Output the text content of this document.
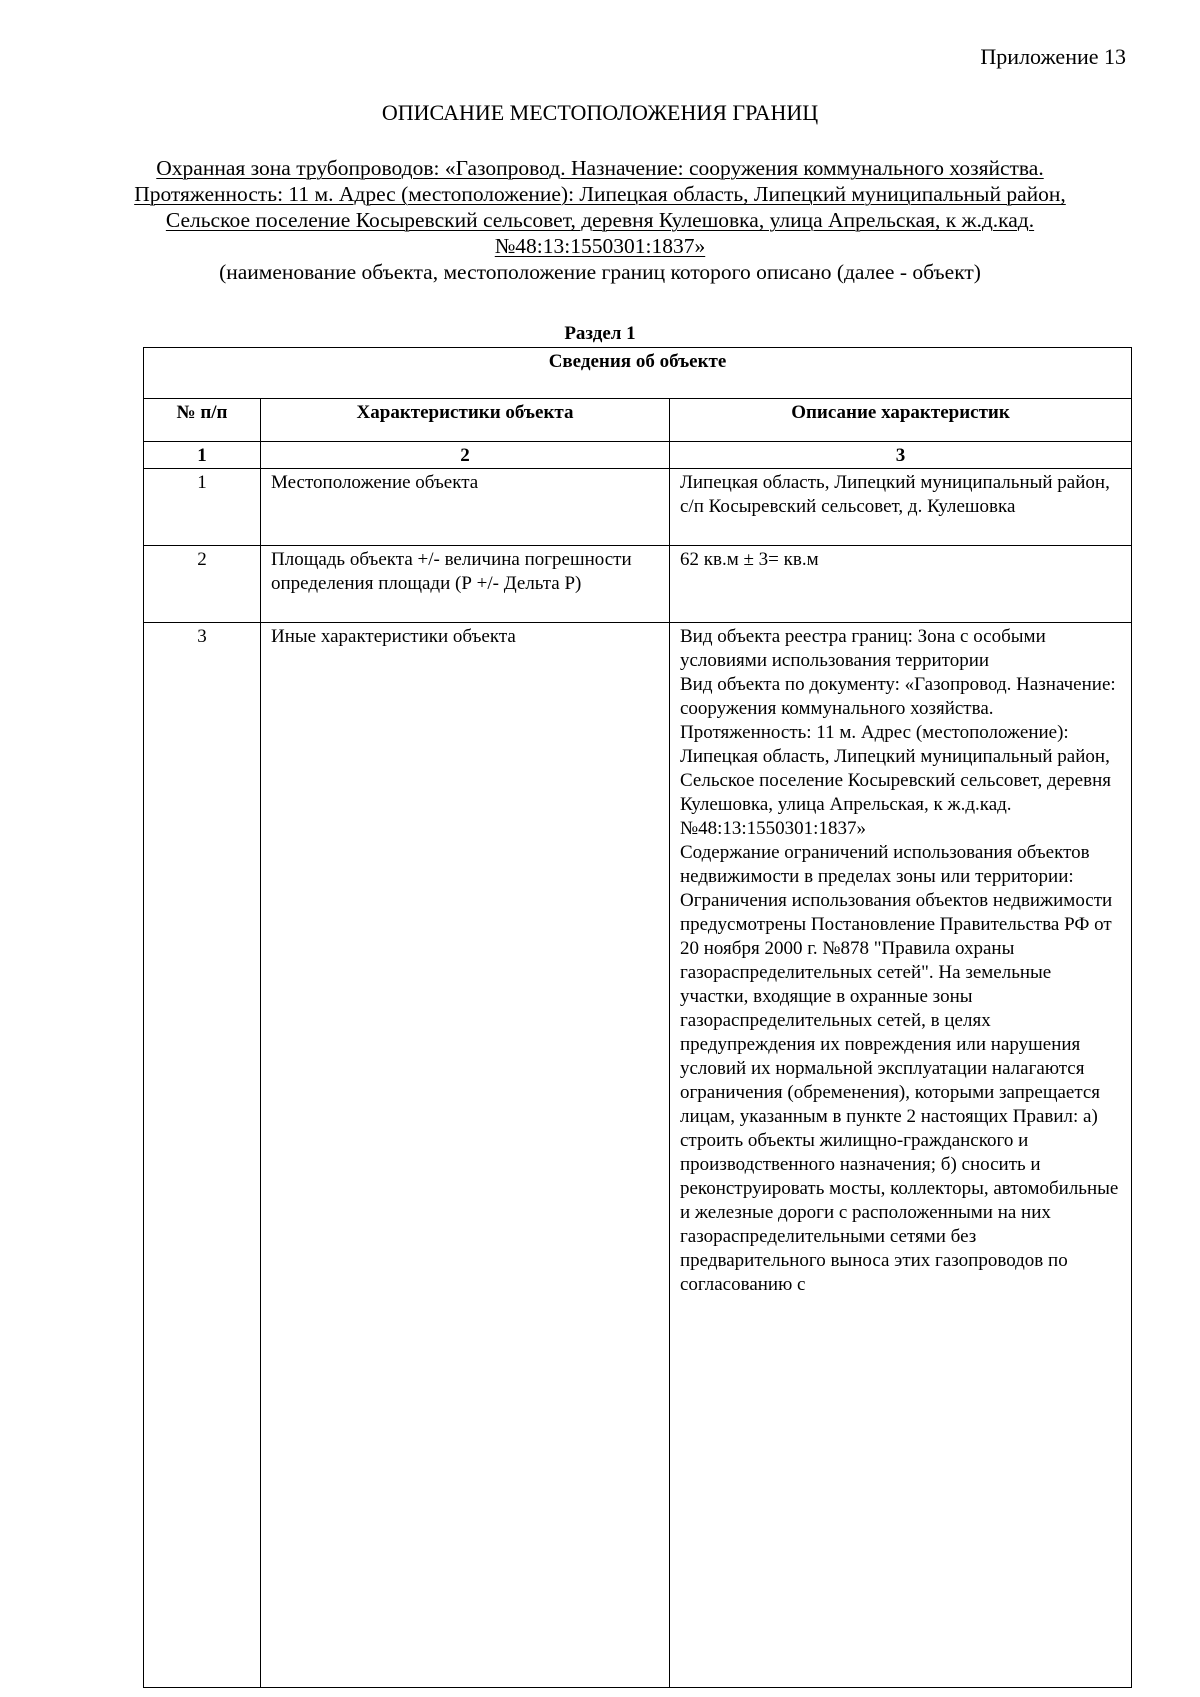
Приложение 13
ОПИСАНИЕ МЕСТОПОЛОЖЕНИЯ ГРАНИЦ
Охранная зона трубопроводов: «Газопровод. Назначение: сооружения коммунального хозяйства. Протяженность: 11 м. Адрес (местоположение): Липецкая область, Липецкий муниципальный район, Сельское поселение Косыревский сельсовет, деревня Кулешовка, улица Апрельская, к ж.д.кад.№48:13:1550301:1837»
(наименование объекта, местоположение границ которого описано (далее - объект)
Раздел 1
Сведения об объекте		
№ п/п	Характеристики объекта	Описание характеристик
1	2	3
1	Местоположение объекта	Липецкая область, Липецкий муниципальный район, с/п Косыревский сельсовет, д. Кулешовка
2	Площадь объекта +/- величина погрешности определения площади (Р +/- Дельта Р)	62 кв.м ± 3= кв.м
3	Иные характеристики объекта	Вид объекта реестра границ: Зона с особыми условиями использования территории
Вид объекта по документу: «Газопровод. Назначение: сооружения коммунального хозяйства. Протяженность: 11 м. Адрес (местоположение): Липецкая область, Липецкий муниципальный район, Сельское поселение Косыревский сельсовет, деревня Кулешовка, улица Апрельская, к ж.д.кад.№48:13:1550301:1837»
Содержание ограничений использования объектов недвижимости в пределах зоны или территории: Ограничения использования объектов недвижимости предусмотрены Постановление Правительства РФ от 20 ноября 2000 г. №878 "Правила охраны газораспределительных сетей". На земельные участки, входящие в охранные зоны газораспределительных сетей, в целях предупреждения их повреждения или нарушения условий их нормальной эксплуатации налагаются ограничения (обременения), которыми запрещается лицам, указанным в пункте 2 настоящих Правил: а) строить объекты жилищно-гражданского и производственного назначения; б) сносить и реконструировать мосты, коллекторы, автомобильные и железные дороги с расположенными на них газораспределительными сетями без предварительного выноса этих газопроводов по согласованию с
